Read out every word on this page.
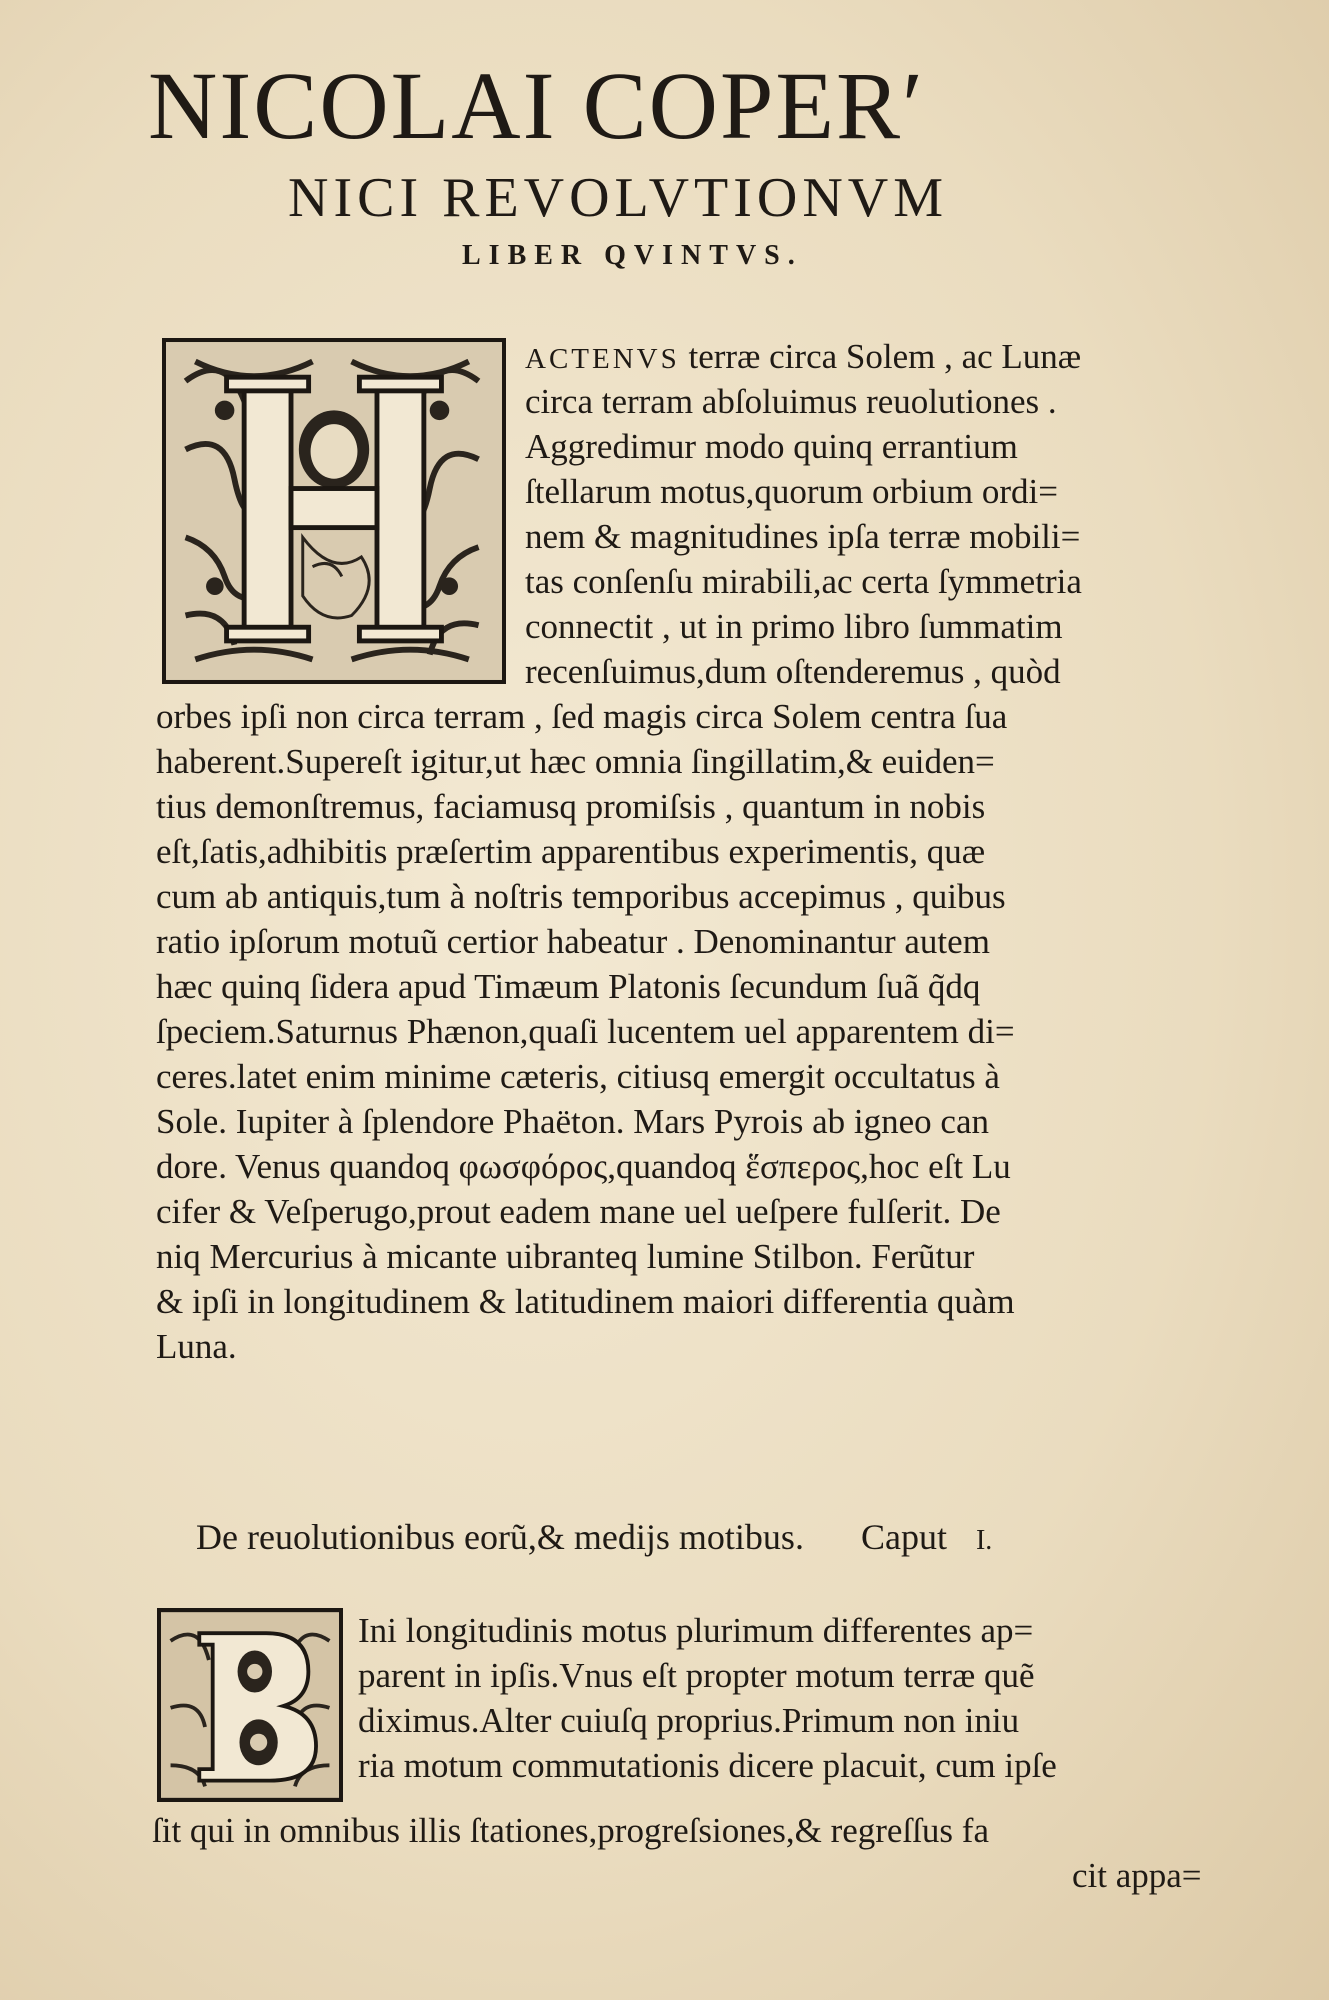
NICOLAI COPER′
NICI REVOLVTIONVM
LIBER QVINTVS.
ACTENVS terræ circa Solem , ac Lunæ
circa terram abſoluimus reuolutiones .
Aggredimur modo quinq errantium
ſtellarum motus,quorum orbium ordi=
nem & magnitudines ipſa terræ mobili=
tas conſenſu mirabili,ac certa ſymmetria
connectit , ut in primo libro ſummatim
recenſuimus,dum oſtenderemus , quòd
orbes ipſi non circa terram , ſed magis circa Solem centra ſua
haberent.Supereſt igitur,ut hæc omnia ſingillatim,& euiden=
tius demonſtremus, faciamusq promiſsis , quantum in nobis
eſt,ſatis,adhibitis præſertim apparentibus experimentis, quæ
cum ab antiquis,tum à noſtris temporibus accepimus , quibus
ratio ipſorum motuũ certior habeatur . Denominantur autem
hæc quinq ſidera apud Timæum Platonis ſecundum ſuã q̃dq
ſpeciem.Saturnus Phænon,quaſi lucentem uel apparentem di=
ceres.latet enim minime cæteris, citiusq emergit occultatus à
Sole. Iupiter à ſplendore Phaëton. Mars Pyrois ab igneo can
dore. Venus quandoq φωσφόρος,quandoq ἕσπερος,hoc eſt Lu
cifer & Veſperugo,prout eadem mane uel ueſpere fulſerit. De
niq Mercurius à micante uibranteq lumine Stilbon. Ferũtur
& ipſi in longitudinem & latitudinem maiori differentia quàm
Luna.
De reuolutionibus eorũ,& medijs motibus. Caput I.
Ini longitudinis motus plurimum differentes ap=
parent in ipſis.Vnus eſt propter motum terræ quẽ
diximus.Alter cuiuſq proprius.Primum non iniu
ria motum commutationis dicere placuit, cum ipſe
ſit qui in omnibus illis ſtationes,progreſsiones,& regreſſus fa
cit appa=
